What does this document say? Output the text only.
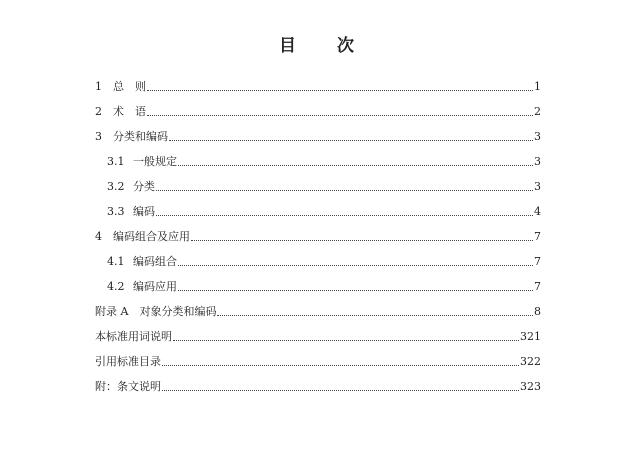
目　次
1	总　则	1
2	术　语	2
3	分类和编码	3
3.1 一般规定	3
3.2 分类	3
3.3 编码	4
4	编码组合及应用	7
4.1 编码组合	7
4.2 编码应用	7
附录 A　对象分类和编码	8
本标准用词说明	321
引用标准目录	322
附：条文说明	323
